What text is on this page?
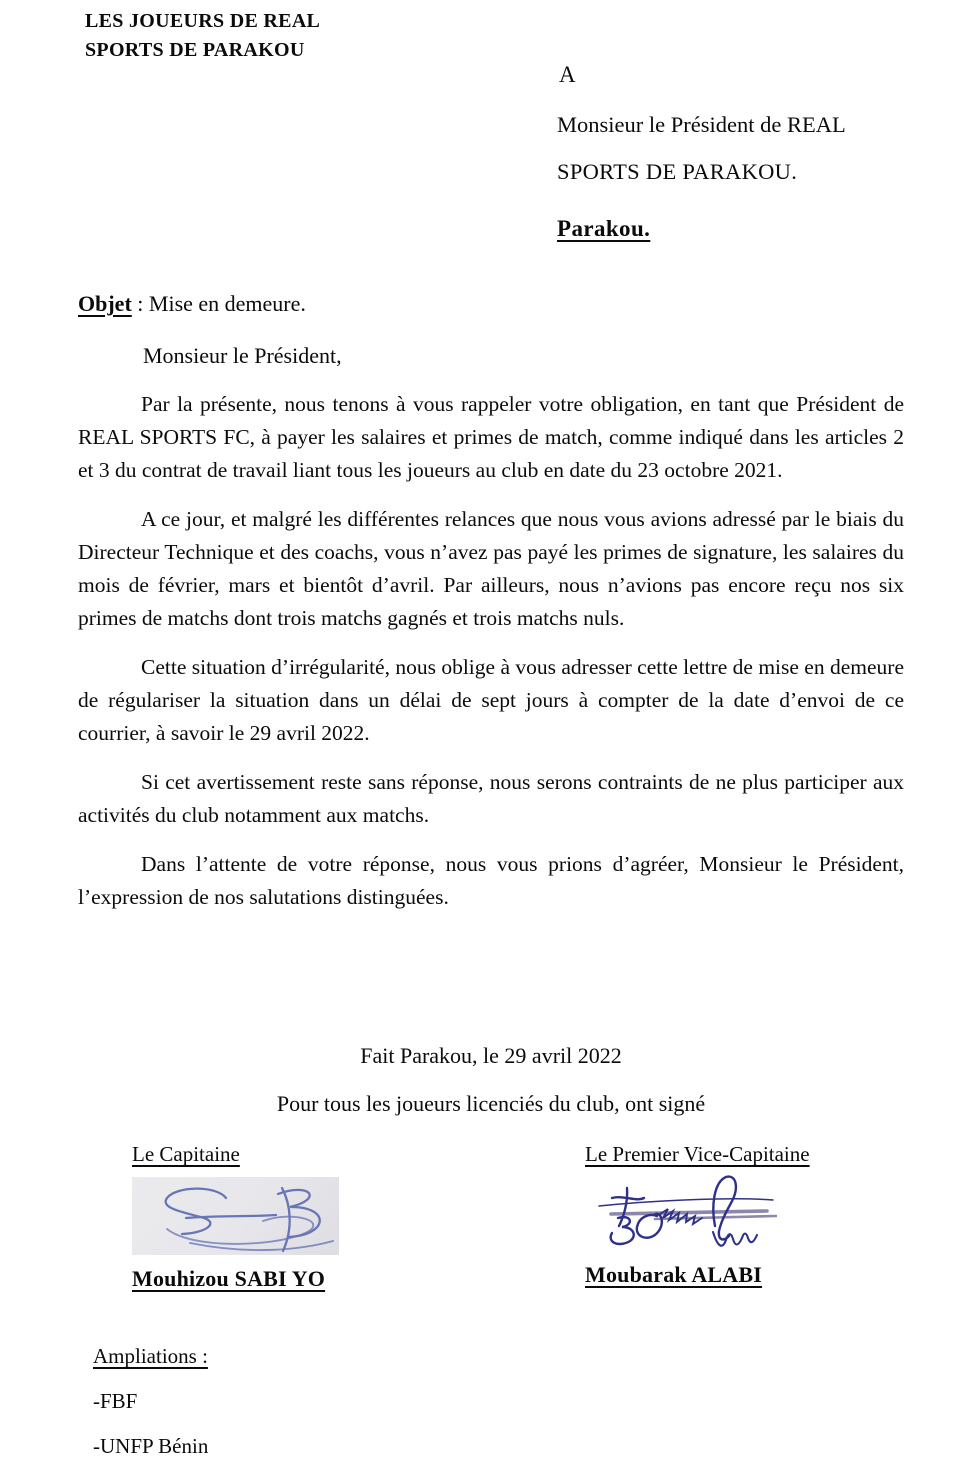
LES JOUEURS DE REAL
SPORTS DE PARAKOU
A
Monsieur le Président de REAL
SPORTS DE PARAKOU.
Parakou.
Objet : Mise en demeure.
Monsieur le Président,

Par la présente, nous tenons à vous rappeler votre obligation, en tant que Président de REAL SPORTS FC, à payer les salaires et primes de match, comme indiqué dans les articles 2 et 3 du contrat de travail liant tous les joueurs au club en date du 23 octobre 2021.

A ce jour, et malgré les différentes relances que nous vous avions adressé par le biais du Directeur Technique et des coachs, vous n’avez pas payé les primes de signature, les salaires du mois de février, mars et bientôt d’avril. Par ailleurs, nous n’avions pas encore reçu nos six primes de matchs dont trois matchs gagnés et trois matchs nuls.

Cette situation d’irrégularité, nous oblige à vous adresser cette lettre de mise en demeure de régulariser la situation dans un délai de sept jours à compter de la date d’envoi de ce courrier, à savoir le 29 avril 2022.

Si cet avertissement reste sans réponse, nous serons contraints de ne plus participer aux activités du club notamment aux matchs.

Dans l’attente de votre réponse, nous vous prions d’agréer, Monsieur le Président, l’expression de nos salutations distinguées.

Fait Parakou, le 29 avril 2022
Pour tous les joueurs licenciés du club, ont signé
Le Capitaine
Mouhizou SABI YO
Le Premier Vice-Capitaine
Moubarak ALABI
Ampliations :
-FBF
-UNFP Bénin
